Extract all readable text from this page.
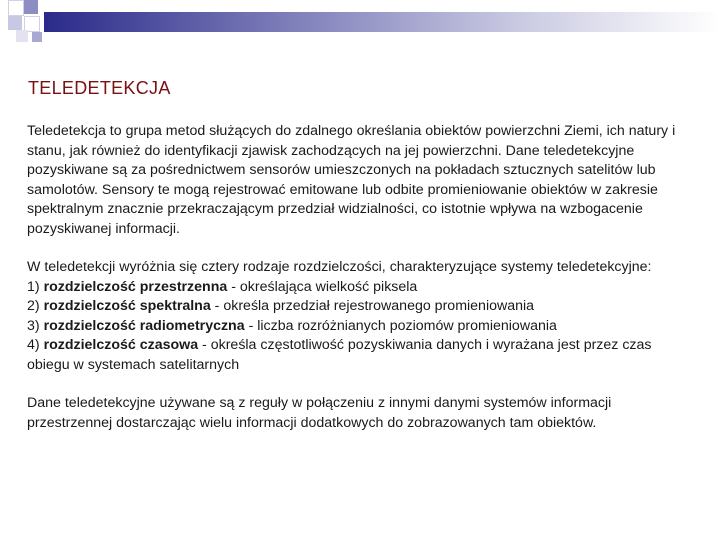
TELEDETEKCJA

Teledetekcja to grupa metod służących do zdalnego określania obiektów powierzchni Ziemi, ich natury i stanu, jak również do identyfikacji zjawisk zachodzących na jej powierzchni. Dane teledetekcyjne pozyskiwane są za pośrednictwem sensorów umieszczonych na pokładach sztucznych satelitów lub samolotów. Sensory te mogą rejestrować emitowane lub odbite promieniowanie obiektów w zakresie spektralnym znacznie przekraczającym przedział widzialności, co istotnie wpływa na wzbogacenie pozyskiwanej informacji.

W teledetekcji wyróżnia się cztery rodzaje rozdzielczości, charakteryzujące systemy teledetekcyjne:
1) rozdzielczość przestrzenna - określająca wielkość piksela
2) rozdzielczość spektralna - określa przedział rejestrowanego promieniowania
3) rozdzielczość radiometryczna - liczba rozróżnianych poziomów promieniowania
4) rozdzielczość czasowa - określa częstotliwość pozyskiwania danych i wyrażana jest przez czas obiegu w systemach satelitarnych

Dane teledetekcyjne używane są z reguły w połączeniu z innymi danymi systemów informacji przestrzennej dostarczając wielu informacji dodatkowych do zobrazowanych tam obiektów.
